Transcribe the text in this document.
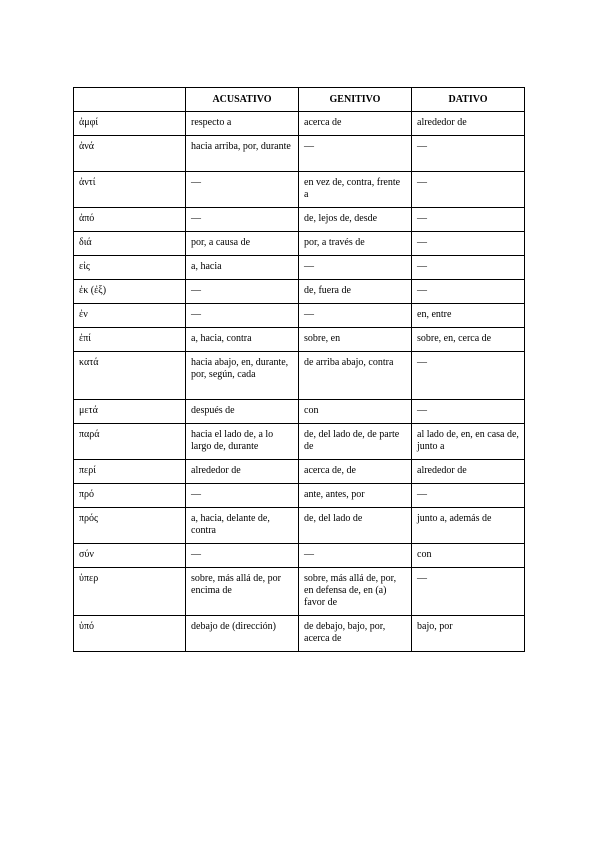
	ACUSATIVO	GENITIVO	DATIVO
ἀμφί	respecto a	acerca de	alrededor de
ἀνά	hacia arriba, por, durante	—	—
ἀντί	—	en vez de, contra, frente a	—
ἀπό	—	de, lejos de, desde	—
διά	por, a causa de	por, a través de	—
εἰς	a, hacia	—	—
ἐκ (ἐξ)	—	de, fuera de	—
ἐν	—	—	en, entre
ἐπί	a, hacia, contra	sobre, en	sobre, en, cerca de
κατά	hacia abajo, en, durante, por, según, cada	de arriba abajo, contra	—
μετά	después de	con	—
παρά	hacia el lado de, a lo largo de, durante	de, del lado de, de parte de	al lado de, en, en casa de, junto a
περί	alrededor de	acerca de, de	alrededor de
πρό	—	ante, antes, por	—
πρός	a, hacia, delante de, contra	de, del lado de	junto a, además de
σύν	—	—	con
ὑπερ	sobre, más allá de, por encima de	sobre, más allá de, por, en defensa de, en (a) favor de	—
ὑπό	debajo de (dirección)	de debajo, bajo, por, acerca de	bajo, por
